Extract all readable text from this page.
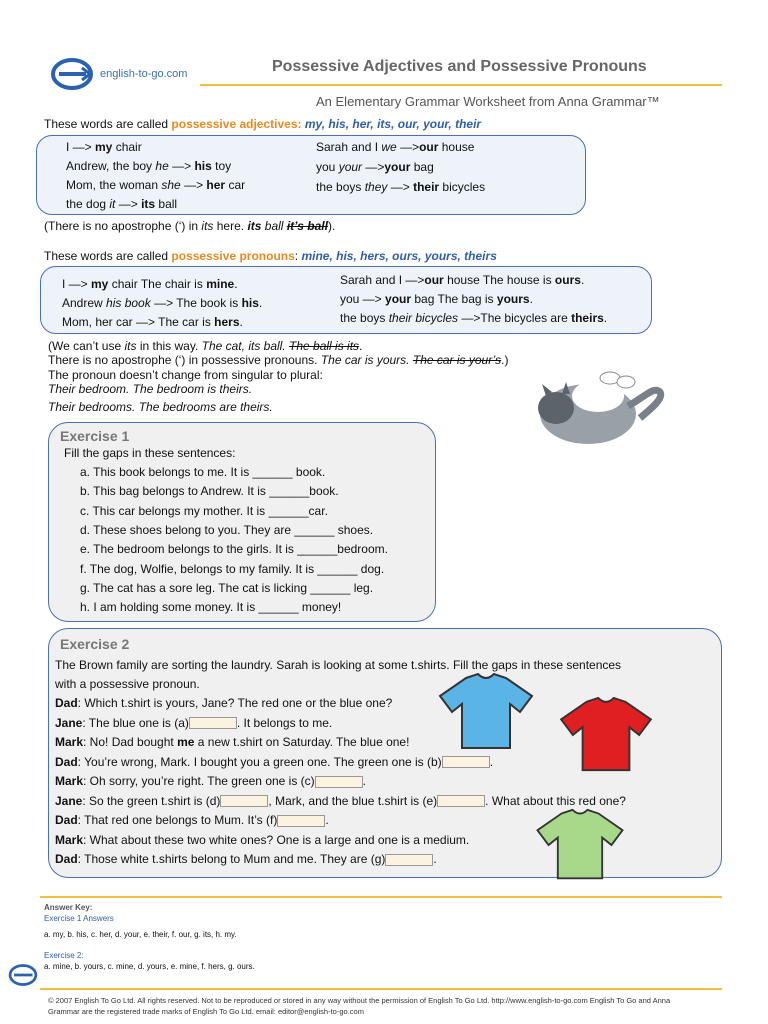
english-to-go.com	Possessive Adjectives and Possessive Pronouns
An Elementary Grammar Worksheet from Anna Grammar™
These words are called possessive adjectives: my, his, her, its, our, your, their
I —> my chair
Andrew, the boy he —> his toy
Mom, the woman she —> her car
the dog it —> its ball
Sarah and I we —>our house
you your —>your bag
the boys they —> their bicycles
(There is no apostrophe (‘) in its here. its ball it’s ball).
These words are called possessive pronouns: mine, his, hers, ours, yours, theirs
I —> my chair The chair is mine.
Andrew his book —> The book is his.
Mom, her car —> The car is hers.
Sarah and I —>our house The house is ours.
you —> your bag The bag is yours.
the boys their bicycles —>The bicycles are theirs.
(We can’t use its in this way. The cat, its ball. The ball is its.
There is no apostrophe (‘) in possessive pronouns. The car is yours. The car is your’s.)
The pronoun doesn’t change from singular to plural:
Their bedroom. The bedroom is theirs.
Their bedrooms. The bedrooms are theirs.
Exercise 1
Fill the gaps in these sentences:
a. This book belongs to me. It is ______ book.
b. This bag belongs to Andrew. It is ______book.
c. This car belongs my mother. It is ______car.
d. These shoes belong to you. They are ______ shoes.
e. The bedroom belongs to the girls. It is ______bedroom.
f. The dog, Wolfie, belongs to my family. It is ______ dog.
g. The cat has a sore leg. The cat is licking ______ leg.
h. I am holding some money. It is ______ money!
Exercise 2
The Brown family are sorting the laundry. Sarah is looking at some t.shirts. Fill the gaps in these sentences
with a possessive pronoun.
Dad: Which t.shirt is yours, Jane? The red one or the blue one?
Jane: The blue one is (a)	. It belongs to me.
Mark: No! Dad bought me a new t.shirt on Saturday. The blue one!
Dad: You’re wrong, Mark. I bought you a green one. The green one is (b)	.
Mark: Oh sorry, you’re right. The green one is (c)	.
Jane: So the green t.shirt is (d)	, Mark, and the blue t.shirt is (e)	. What about this red one?
Dad: That red one belongs to Mum. It’s (f)	.
Mark: What about these two white ones? One is a large and one is a medium.
Dad: Those white t.shirts belong to Mum and me. They are (g)	.
Answer Key:
Exercise 1 Answers
a. my, b. his, c. her, d. your, e. their, f. our, g. its, h. my.
Exercise 2:
a. mine, b. yours, c. mine, d. yours, e. mine, f. hers, g. ours.
© 2007 English To Go Ltd. All rights reserved. Not to be reproduced or stored in any way without the permission of English To Go Ltd. http://www.english-to-go.com English To Go and Anna
Grammar are the registered trade marks of English To Go Ltd. email: editor@english-to-go.com
